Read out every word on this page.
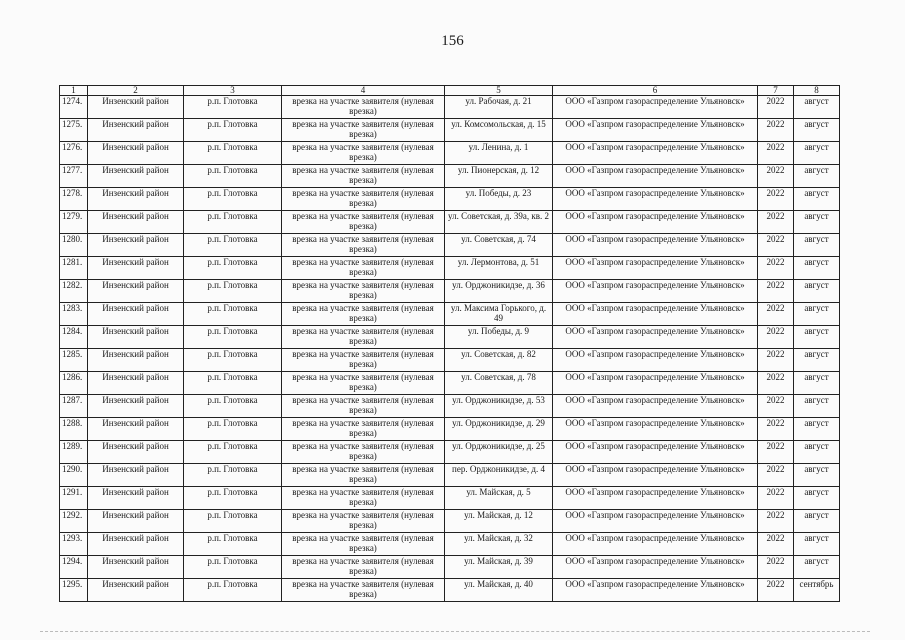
156
1	2	3	4	5	6	7	8
1274.	Инзенский район	р.п. Глотовка	врезка на участке заявителя (нулевая врезка)	ул. Рабочая, д. 21	ООО «Газпром газораспределение Ульяновск»	2022	август
1275.	Инзенский район	р.п. Глотовка	врезка на участке заявителя (нулевая врезка)	ул. Комсомольская, д. 15	ООО «Газпром газораспределение Ульяновск»	2022	август
1276.	Инзенский район	р.п. Глотовка	врезка на участке заявителя (нулевая врезка)	ул. Ленина, д. 1	ООО «Газпром газораспределение Ульяновск»	2022	август
1277.	Инзенский район	р.п. Глотовка	врезка на участке заявителя (нулевая врезка)	ул. Пионерская, д. 12	ООО «Газпром газораспределение Ульяновск»	2022	август
1278.	Инзенский район	р.п. Глотовка	врезка на участке заявителя (нулевая врезка)	ул. Победы, д. 23	ООО «Газпром газораспределение Ульяновск»	2022	август
1279.	Инзенский район	р.п. Глотовка	врезка на участке заявителя (нулевая врезка)	ул. Советская, д. 39а, кв. 2	ООО «Газпром газораспределение Ульяновск»	2022	август
1280.	Инзенский район	р.п. Глотовка	врезка на участке заявителя (нулевая врезка)	ул. Советская, д. 74	ООО «Газпром газораспределение Ульяновск»	2022	август
1281.	Инзенский район	р.п. Глотовка	врезка на участке заявителя (нулевая врезка)	ул. Лермонтова, д. 51	ООО «Газпром газораспределение Ульяновск»	2022	август
1282.	Инзенский район	р.п. Глотовка	врезка на участке заявителя (нулевая врезка)	ул. Орджоникидзе, д. 36	ООО «Газпром газораспределение Ульяновск»	2022	август
1283.	Инзенский район	р.п. Глотовка	врезка на участке заявителя (нулевая врезка)	ул. Максима Горького, д. 49	ООО «Газпром газораспределение Ульяновск»	2022	август
1284.	Инзенский район	р.п. Глотовка	врезка на участке заявителя (нулевая врезка)	ул. Победы, д. 9	ООО «Газпром газораспределение Ульяновск»	2022	август
1285.	Инзенский район	р.п. Глотовка	врезка на участке заявителя (нулевая врезка)	ул. Советская, д. 82	ООО «Газпром газораспределение Ульяновск»	2022	август
1286.	Инзенский район	р.п. Глотовка	врезка на участке заявителя (нулевая врезка)	ул. Советская, д. 78	ООО «Газпром газораспределение Ульяновск»	2022	август
1287.	Инзенский район	р.п. Глотовка	врезка на участке заявителя (нулевая врезка)	ул. Орджоникидзе, д. 53	ООО «Газпром газораспределение Ульяновск»	2022	август
1288.	Инзенский район	р.п. Глотовка	врезка на участке заявителя (нулевая врезка)	ул. Орджоникидзе, д. 29	ООО «Газпром газораспределение Ульяновск»	2022	август
1289.	Инзенский район	р.п. Глотовка	врезка на участке заявителя (нулевая врезка)	ул. Орджоникидзе, д. 25	ООО «Газпром газораспределение Ульяновск»	2022	август
1290.	Инзенский район	р.п. Глотовка	врезка на участке заявителя (нулевая врезка)	пер. Орджоникидзе, д. 4	ООО «Газпром газораспределение Ульяновск»	2022	август
1291.	Инзенский район	р.п. Глотовка	врезка на участке заявителя (нулевая врезка)	ул. Майская, д. 5	ООО «Газпром газораспределение Ульяновск»	2022	август
1292.	Инзенский район	р.п. Глотовка	врезка на участке заявителя (нулевая врезка)	ул. Майская, д. 12	ООО «Газпром газораспределение Ульяновск»	2022	август
1293.	Инзенский район	р.п. Глотовка	врезка на участке заявителя (нулевая врезка)	ул. Майская, д. 32	ООО «Газпром газораспределение Ульяновск»	2022	август
1294.	Инзенский район	р.п. Глотовка	врезка на участке заявителя (нулевая врезка)	ул. Майская, д. 39	ООО «Газпром газораспределение Ульяновск»	2022	август
1295.	Инзенский район	р.п. Глотовка	врезка на участке заявителя (нулевая врезка)	ул. Майская, д. 40	ООО «Газпром газораспределение Ульяновск»	2022	сентябрь
